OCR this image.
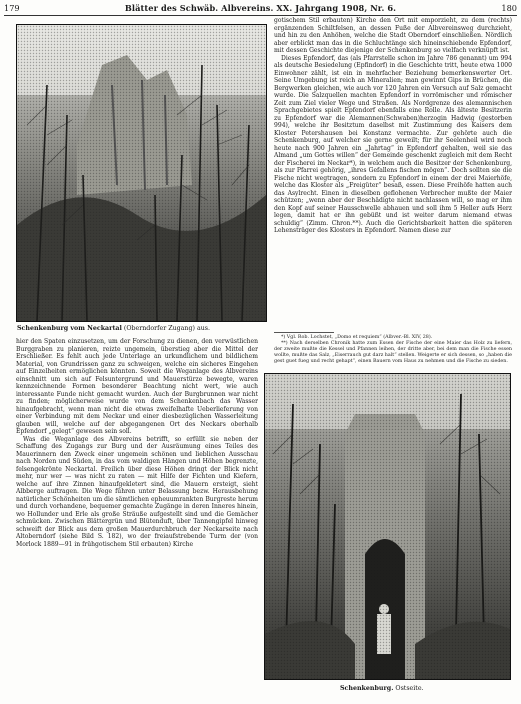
179	Blätter des Schwäb. Albvereins. XX. Jahrgang 1908, Nr. 6.	180
Schenkenburg vom Neckartal (Oberndorfer Zugang) aus.

gotischem Stil erbauten) Kirche den Ort mit emporzieht, zu dem (rechts) ergänzenden Schiltfelsen, an dessen Fuße der Albvereinsweg durchzieht, und hin zu den Anhöhen, welche die Stadt Oberndorf einschließen. Nördlich aber erblickt man das in die Schluchtänge sich hineinschiebende Epfendorf, mit dessen Geschichte diejenige der Schenkenburg so vielfach verknüpft ist.

Dieses Epfendorf, das (als Pfarrstelle schon im Jahre 786 genannt) um 994 als deutsche Besiedelung (Epfindorf) in die Geschichte tritt, heute etwa 1000 Einwohner zählt, ist ein in mehrfacher Beziehung bemerkenswerter Ort. Seine Umgebung ist reich an Mineralien; man gewinnt Gips in Brüchen, die Bergwerken gleichen, wie auch vor 120 Jahren ein Versuch auf Salz gemacht wurde. Die Salzquellen machten Epfendorf in vorrömischer und römischer Zeit zum Ziel vieler Wege und Straßen. Als Nordgrenze des alemannischen Sprachgebietes spielt Epfendorf ebenfalls eine Rolle. Als älteste Besitzerin zu Epfendorf war die Alemannen(Schwaben)herzogin Hadwig (gestorben 994), welche ihr Besitztum daselbst mit Zustimmung des Kaisers dem Kloster Petershausen bei Konstanz vermachte. Zur gehörte auch die Schenkenburg, auf welcher sie gerne geweilt; für ihr Seelenheil wird noch heute nach 900 Jahren ein „Jahrtag“ in Epfendorf gehalten, weil sie das Almand „um Gottes willen“ der Gemeinde geschenkt zugleich mit dem Recht der Fischerei im Neckar*), in welchem auch die Besitzer der Schenkenburg, als zur Pfarrei gehörig, „ihres Gefallens fischen mögen“. Doch sollten sie die Fische nicht wegtragen, sondern zu Epfendorf in einem der drei Maierhöfe, welche das Kloster als „Freigüter“ besaß, essen. Diese Freihöfe hatten auch das Asylrecht. Einen in dieselben geflohenen Verbrecher mußte der Maier schützen; „wenn aber der Beschädigte nicht nachlassen will, so mag er ihm den Kopf auf seiner Hausschwelle abhauen und soll ihm 5 Heller aufs Herz legen, damit hat er ihn gebüßt und ist weiter darum niemand etwas schuldig“ (Zimm. Chron.**). Auch die Gerichtsbarkeit hatten die späteren Lehensträger des Klosters in Epfendorf. Namen diese zur

*) Vgl. Rob. Lochstet, „Domo et requiem“ (Albver.-Bl. XIV, 28).

**) Nach derselben Chronik hatte zum Essen der Fische der eine Maier das Holz zu liefern, der zweite mußte die Kessel und Pfannen leihen, der dritte aber, bei dem man die Fische essen wollte, mußte das Salz, „Eiserrauch gut darz halt“ stellen. Weigerte er sich dessen, so „haben die gest guet fueg und recht gehapt“, einen Bauern vom Haus zu nehmen und die Fische zu sieden.

hier den Spaten einzusetzen, um der Forschung zu dienen, den verwüstlichen Burggraben zu planieren, reizte ungemein, überstieg aber die Mittel der Erschließer. Es fehlt auch jede Unterlage an urkundlichem und bildlichem Material, von Grundrissen ganz zu schweigen, welche ein sicheres Eingehen auf Einzelheiten ermöglichen könnten. Soweit die Weganlage des Albvereins einschnitt um sich auf Felsuntergrund und Mauerstürze bewegte, waren kennzeichnende Formen besonderer Beachtung nicht wert, wie auch interessante Funde nicht gemacht wurden. Auch der Burgbrunnen war nicht zu finden; möglicherweise wurde von dem Schenkenbach das Wasser hinaufgebracht, wenn man nicht die etwas zweifelhafte Ueberlieferung von einer Verbindung mit dem Neckar und einer diesbezüglichen Wasserleitung glauben will, welche auf der abgegangenen Ort des Neckars oberhalb Epfendorf „gelegt“ gewesen sein soll.

Was die Weganlage des Albvereins betrifft, so erfüllt sie neben der Schaffung des Zugangs zur Burg und der Ausräumung eines Teiles des Mauerinnern den Zweck einer ungemein schönen und lieblichen Ausschau nach Norden und Süden, in das vom waldigen Hängen und Höhen begrenzte, felsengekrönte Neckartal. Freilich über diese Höhen dringt der Blick nicht mehr, nur wer — was nicht zu raten — mit Hilfe der Fichten und Kiefern, welche auf ihre Zinnen hinaufgekletert sind, die Mauern ersteigt, sieht Albberge auftragen. Die Wege führen unter Belassung bezw. Herausbehung natürlicher Schönheiten um die sämtlichen epheuumrankten Burgreste herum und durch vorhandene, bequemer gemachte Zugänge in deren Inneres hinein, wo Hollunder und Erle als große Sträuße aufgestellt sind und die Gemächer schmücken. Zwischen Blättergrün und Blütenduft, über Tannengipfel hinweg schweift der Blick aus dem großen Mauerdurchbruch der Neckarseite nach Altoberndorf (siehe Bild S. 182), wo der freiaufstrebende Turm der (von Morlock 1889—91 in frühgotischem Stil erbauten) Kirche

Schenkenburg. Ostseite.
